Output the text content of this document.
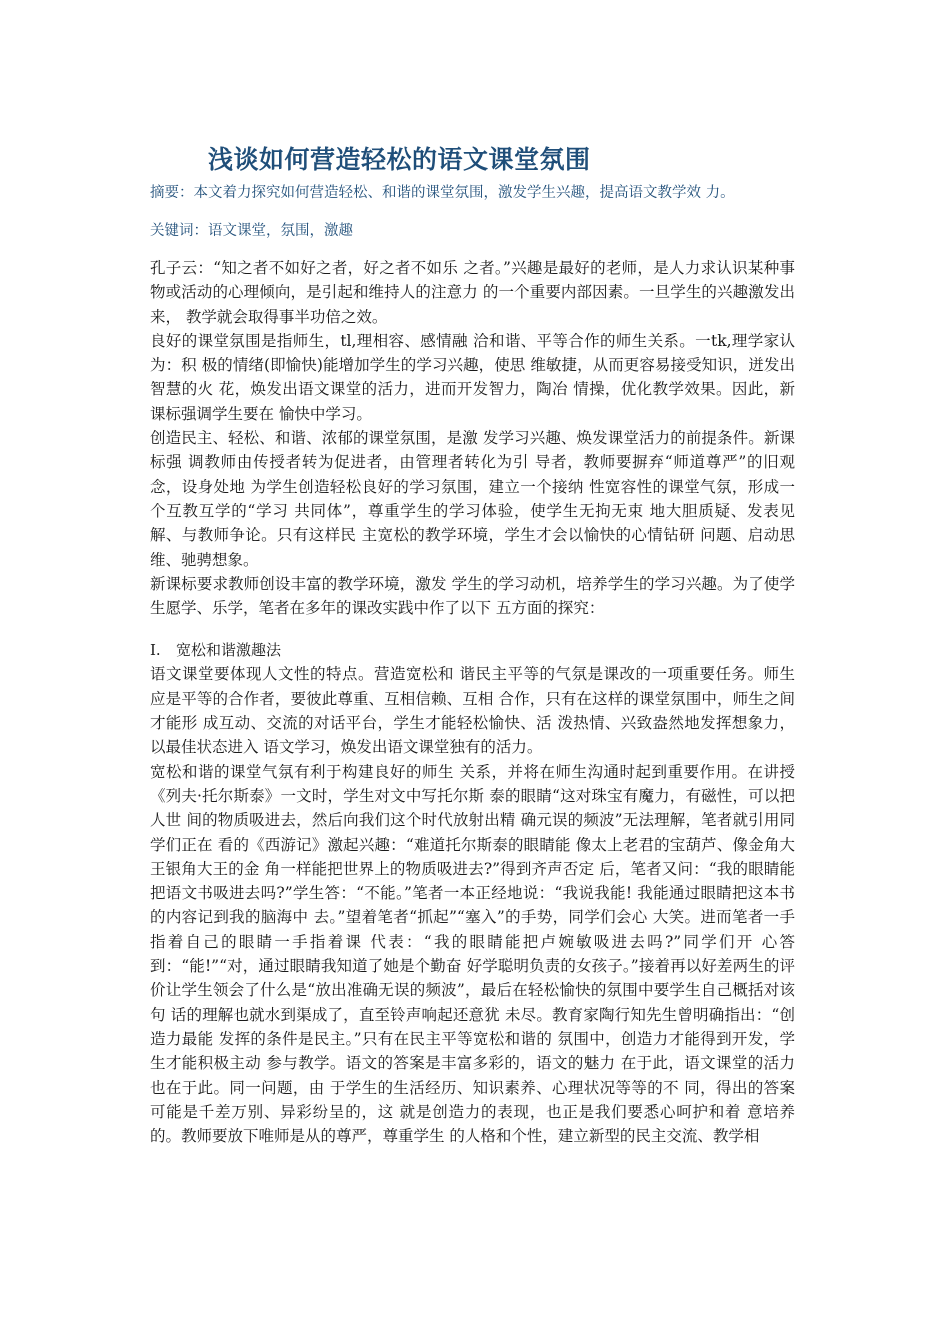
浅谈如何营造轻松的语文课堂氛围

摘要：本文着力探究如何营造轻松、和谐的课堂氛围，激发学生兴趣，提高语文教学效 力。

关键词：语文课堂，氛围，激趣

孔子云：“知之者不如好之者，好之者不如乐 之者。”兴趣是最好的老师，是人力求认识某种事 物或活动的心理倾向，是引起和维持人的注意力 的一个重要内部因素。一旦学生的兴趣激发出来， 教学就会取得事半功倍之效。

良好的课堂氛围是指师生，tl,理相容、感情融 洽和谐、平等合作的师生关系。一tk,理学家认为：积 极的情绪(即愉快)能增加学生的学习兴趣，使思 维敏捷，从而更容易接受知识，迸发出智慧的火 花，焕发出语文课堂的活力，进而开发智力，陶冶 情操，优化教学效果。因此，新课标强调学生要在 愉快中学习。

创造民主、轻松、和谐、浓郁的课堂氛围，是激 发学习兴趣、焕发课堂活力的前提条件。新课标强 调教师由传授者转为促进者，由管理者转化为引 导者，教师要摒弃“师道尊严”的旧观念，设身处地 为学生创造轻松良好的学习氛围，建立一个接纳 性宽容性的课堂气氛，形成一个互教互学的“学习 共同体”，尊重学生的学习体验，使学生无拘无束 地大胆质疑、发表见解、与教师争论。只有这样民 主宽松的教学环境，学生才会以愉快的心情钻研 问题、启动思维、驰骋想象。

新课标要求教师创设丰富的教学环境，激发 学生的学习动机，培养学生的学习兴趣。为了使学 生愿学、乐学，笔者在多年的课改实践中作了以下 五方面的探究：

I. 宽松和谐激趣法

语文课堂要体现人文性的特点。营造宽松和 谐民主平等的气氛是课改的一项重要任务。师生 应是平等的合作者，要彼此尊重、互相信赖、互相 合作，只有在这样的课堂氛围中，师生之间才能形 成互动、交流的对话平台，学生才能轻松愉快、活 泼热情、兴致盎然地发挥想象力，以最佳状态进入 语文学习，焕发出语文课堂独有的活力。

宽松和谐的课堂气氛有利于构建良好的师生 关系，并将在师生沟通时起到重要作用。在讲授《列夫·托尔斯泰》一文时，学生对文中写托尔斯 泰的眼睛“这对珠宝有魔力，有磁性，可以把人世 间的物质吸进去，然后向我们这个时代放射出精 确元误的频波”无法理解，笔者就引用同学们正在 看的《西游记》激起兴趣：“难道托尔斯泰的眼睛能 像太上老君的宝葫芦、像金角大王银角大王的金 角一样能把世界上的物质吸进去?”得到齐声否定 后，笔者又问：“我的眼睛能把语文书吸进去吗?”学生答：“不能。”笔者一本正经地说：“我说我能! 我能通过眼睛把这本书的内容记到我的脑海中 去。”望着笔者“抓起”“塞入”的手势，同学们会心 大笑。进而笔者一手指着自己的眼睛一手指着课 代表：“我的眼睛能把卢婉敏吸进去吗?”同学们开 心答到：“能!”“对，通过眼睛我知道了她是个勤奋 好学聪明负责的女孩子。”接着再以好差两生的评 价让学生领会了什么是“放出准确无误的频波”，最后在轻松愉快的氛围中要学生自己概括对该句 话的理解也就水到渠成了，直至铃声响起还意犹 未尽。教育家陶行知先生曾明确指出：“创造力最能 发挥的条件是民主。”只有在民主平等宽松和谐的 氛围中，创造力才能得到开发，学生才能积极主动 参与教学。语文的答案是丰富多彩的，语文的魅力 在于此，语文课堂的活力也在于此。同一问题，由 于学生的生活经历、知识素养、心理状况等等的不 同，得出的答案可能是千差万别、异彩纷呈的，这 就是创造力的表现，也正是我们要悉心呵护和着 意培养的。教师要放下唯师是从的尊严，尊重学生 的人格和个性，建立新型的民主交流、教学相
